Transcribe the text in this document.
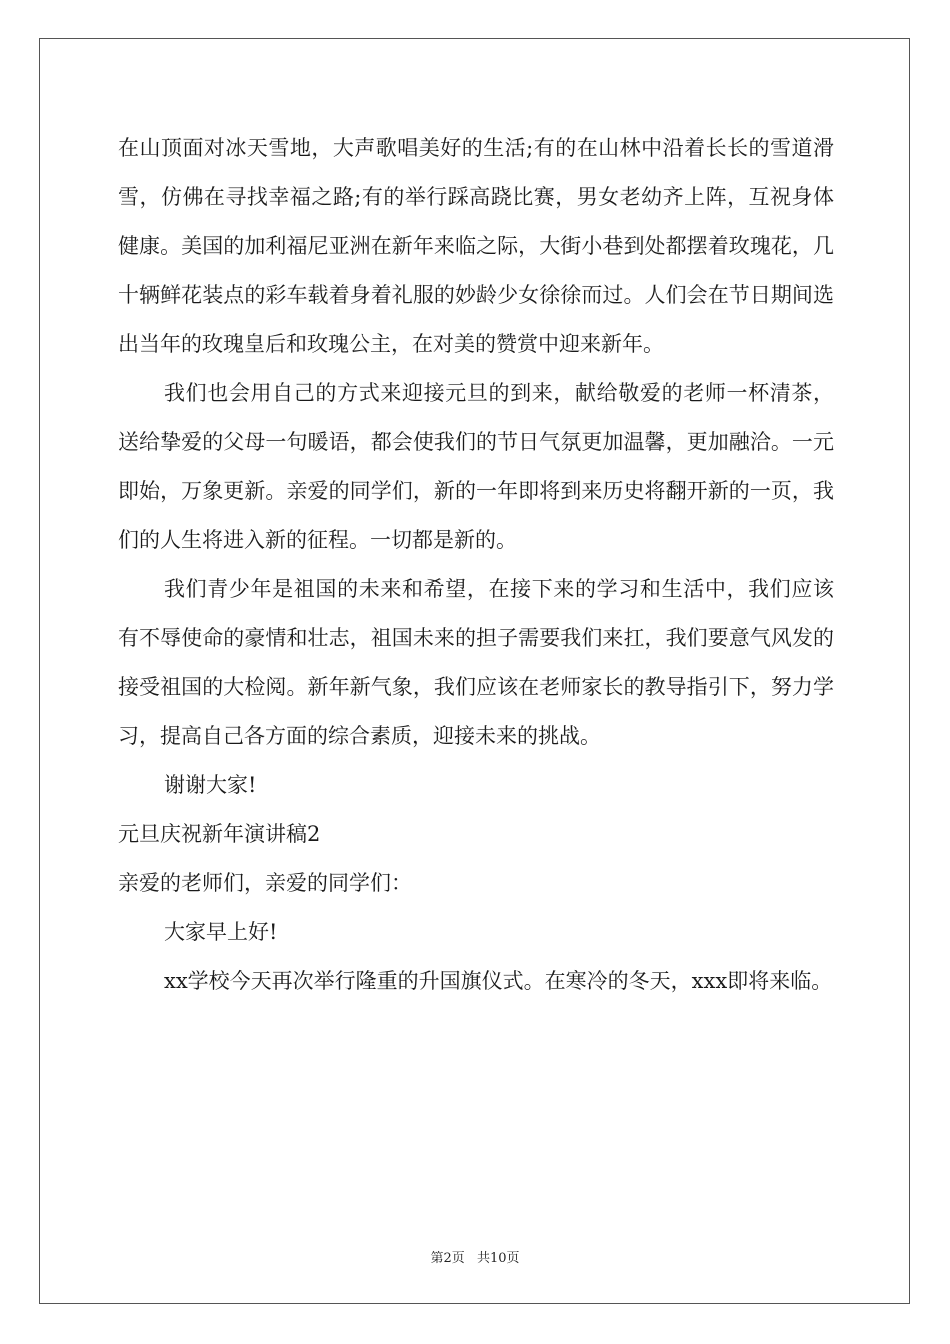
在山顶面对冰天雪地，大声歌唱美好的生活;有的在山林中沿着长长的雪道滑雪，仿佛在寻找幸福之路;有的举行踩高跷比赛，男女老幼齐上阵，互祝身体健康。美国的加利福尼亚洲在新年来临之际，大街小巷到处都摆着玫瑰花，几十辆鲜花装点的彩车载着身着礼服的妙龄少女徐徐而过。人们会在节日期间选出当年的玫瑰皇后和玫瑰公主，在对美的赞赏中迎来新年。

我们也会用自己的方式来迎接元旦的到来，献给敬爱的老师一杯清茶，送给挚爱的父母一句暖语，都会使我们的节日气氛更加温馨，更加融洽。一元即始，万象更新。亲爱的同学们，新的一年即将到来历史将翻开新的一页，我们的人生将进入新的征程。一切都是新的。

我们青少年是祖国的未来和希望，在接下来的学习和生活中，我们应该有不辱使命的豪情和壮志，祖国未来的担子需要我们来扛，我们要意气风发的接受祖国的大检阅。新年新气象，我们应该在老师家长的教导指引下，努力学习，提高自己各方面的综合素质，迎接未来的挑战。

谢谢大家!

元旦庆祝新年演讲稿2

亲爱的老师们，亲爱的同学们：

大家早上好!

xx学校今天再次举行隆重的升国旗仪式。在寒冷的冬天，xxx即将来临。

第2页 共10页
